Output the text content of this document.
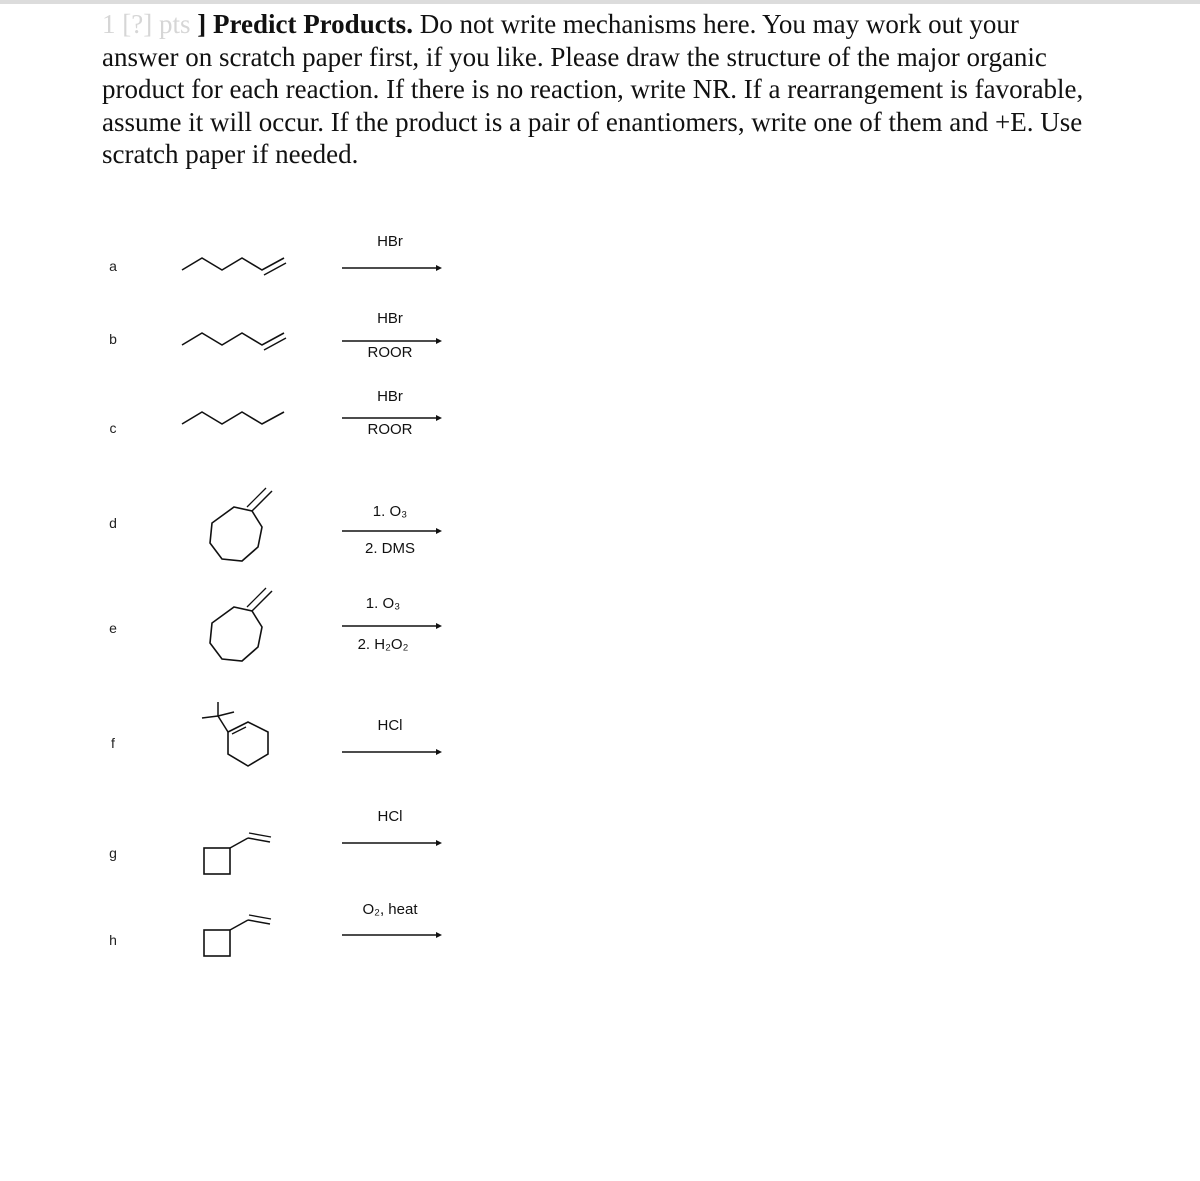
1 [?] pts ] Predict Products. Do not write mechanisms here. You may work out your answer on scratch paper first, if you like. Please draw the structure of the major organic product for each reaction. If there is no reaction, write NR. If a rearrangement is favorable, assume it will occur. If the product is a pair of enantiomers, write one of them and +E. Use scratch paper if needed.
a
b
c
d
e
f
g
h
HBr
HBr
ROOR
HBr
ROOR
1. O₃
2. DMS
1. O₃
2. H₂O₂
HCl
HCl
O₂, heat
